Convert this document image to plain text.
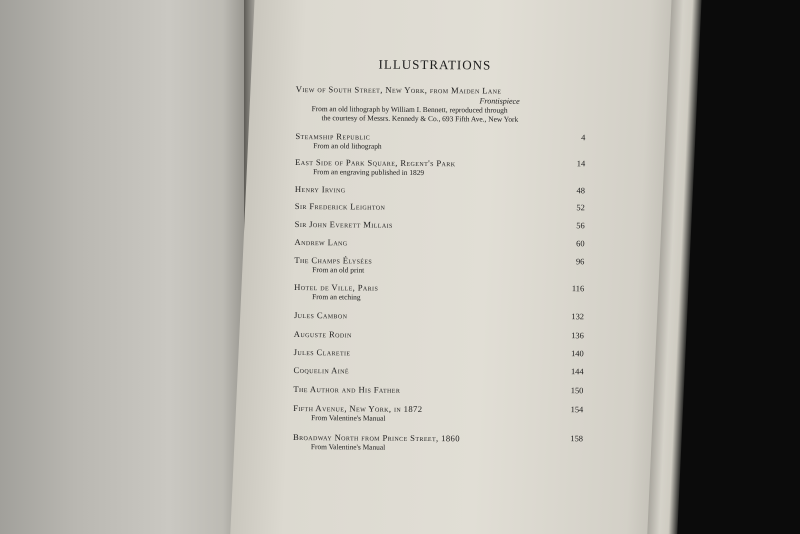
ILLUSTRATIONS
View of South Street, New York, from Maiden Lane
Frontispiece
From an old lithograph by William I. Bennett, reproduced through
the courtesy of Messrs. Kennedy & Co., 693 Fifth Ave., New York
Steamship Republic	4
From an old lithograph
East Side of Park Square, Regent's Park	14
From an engraving published in 1829
Henry Irving	48
Sir Frederick Leighton	52
Sir John Everett Millais	56
Andrew Lang	60
The Champs Élysées	96
From an old print
Hotel de Ville, Paris	116
From an etching
Jules Cambon	132
Auguste Rodin	136
Jules Claretie	140
Coquelin Ainé	144
The Author and His Father	150
Fifth Avenue, New York, in 1872	154
From Valentine's Manual
Broadway North from Prince Street, 1860	158
From Valentine's Manual
